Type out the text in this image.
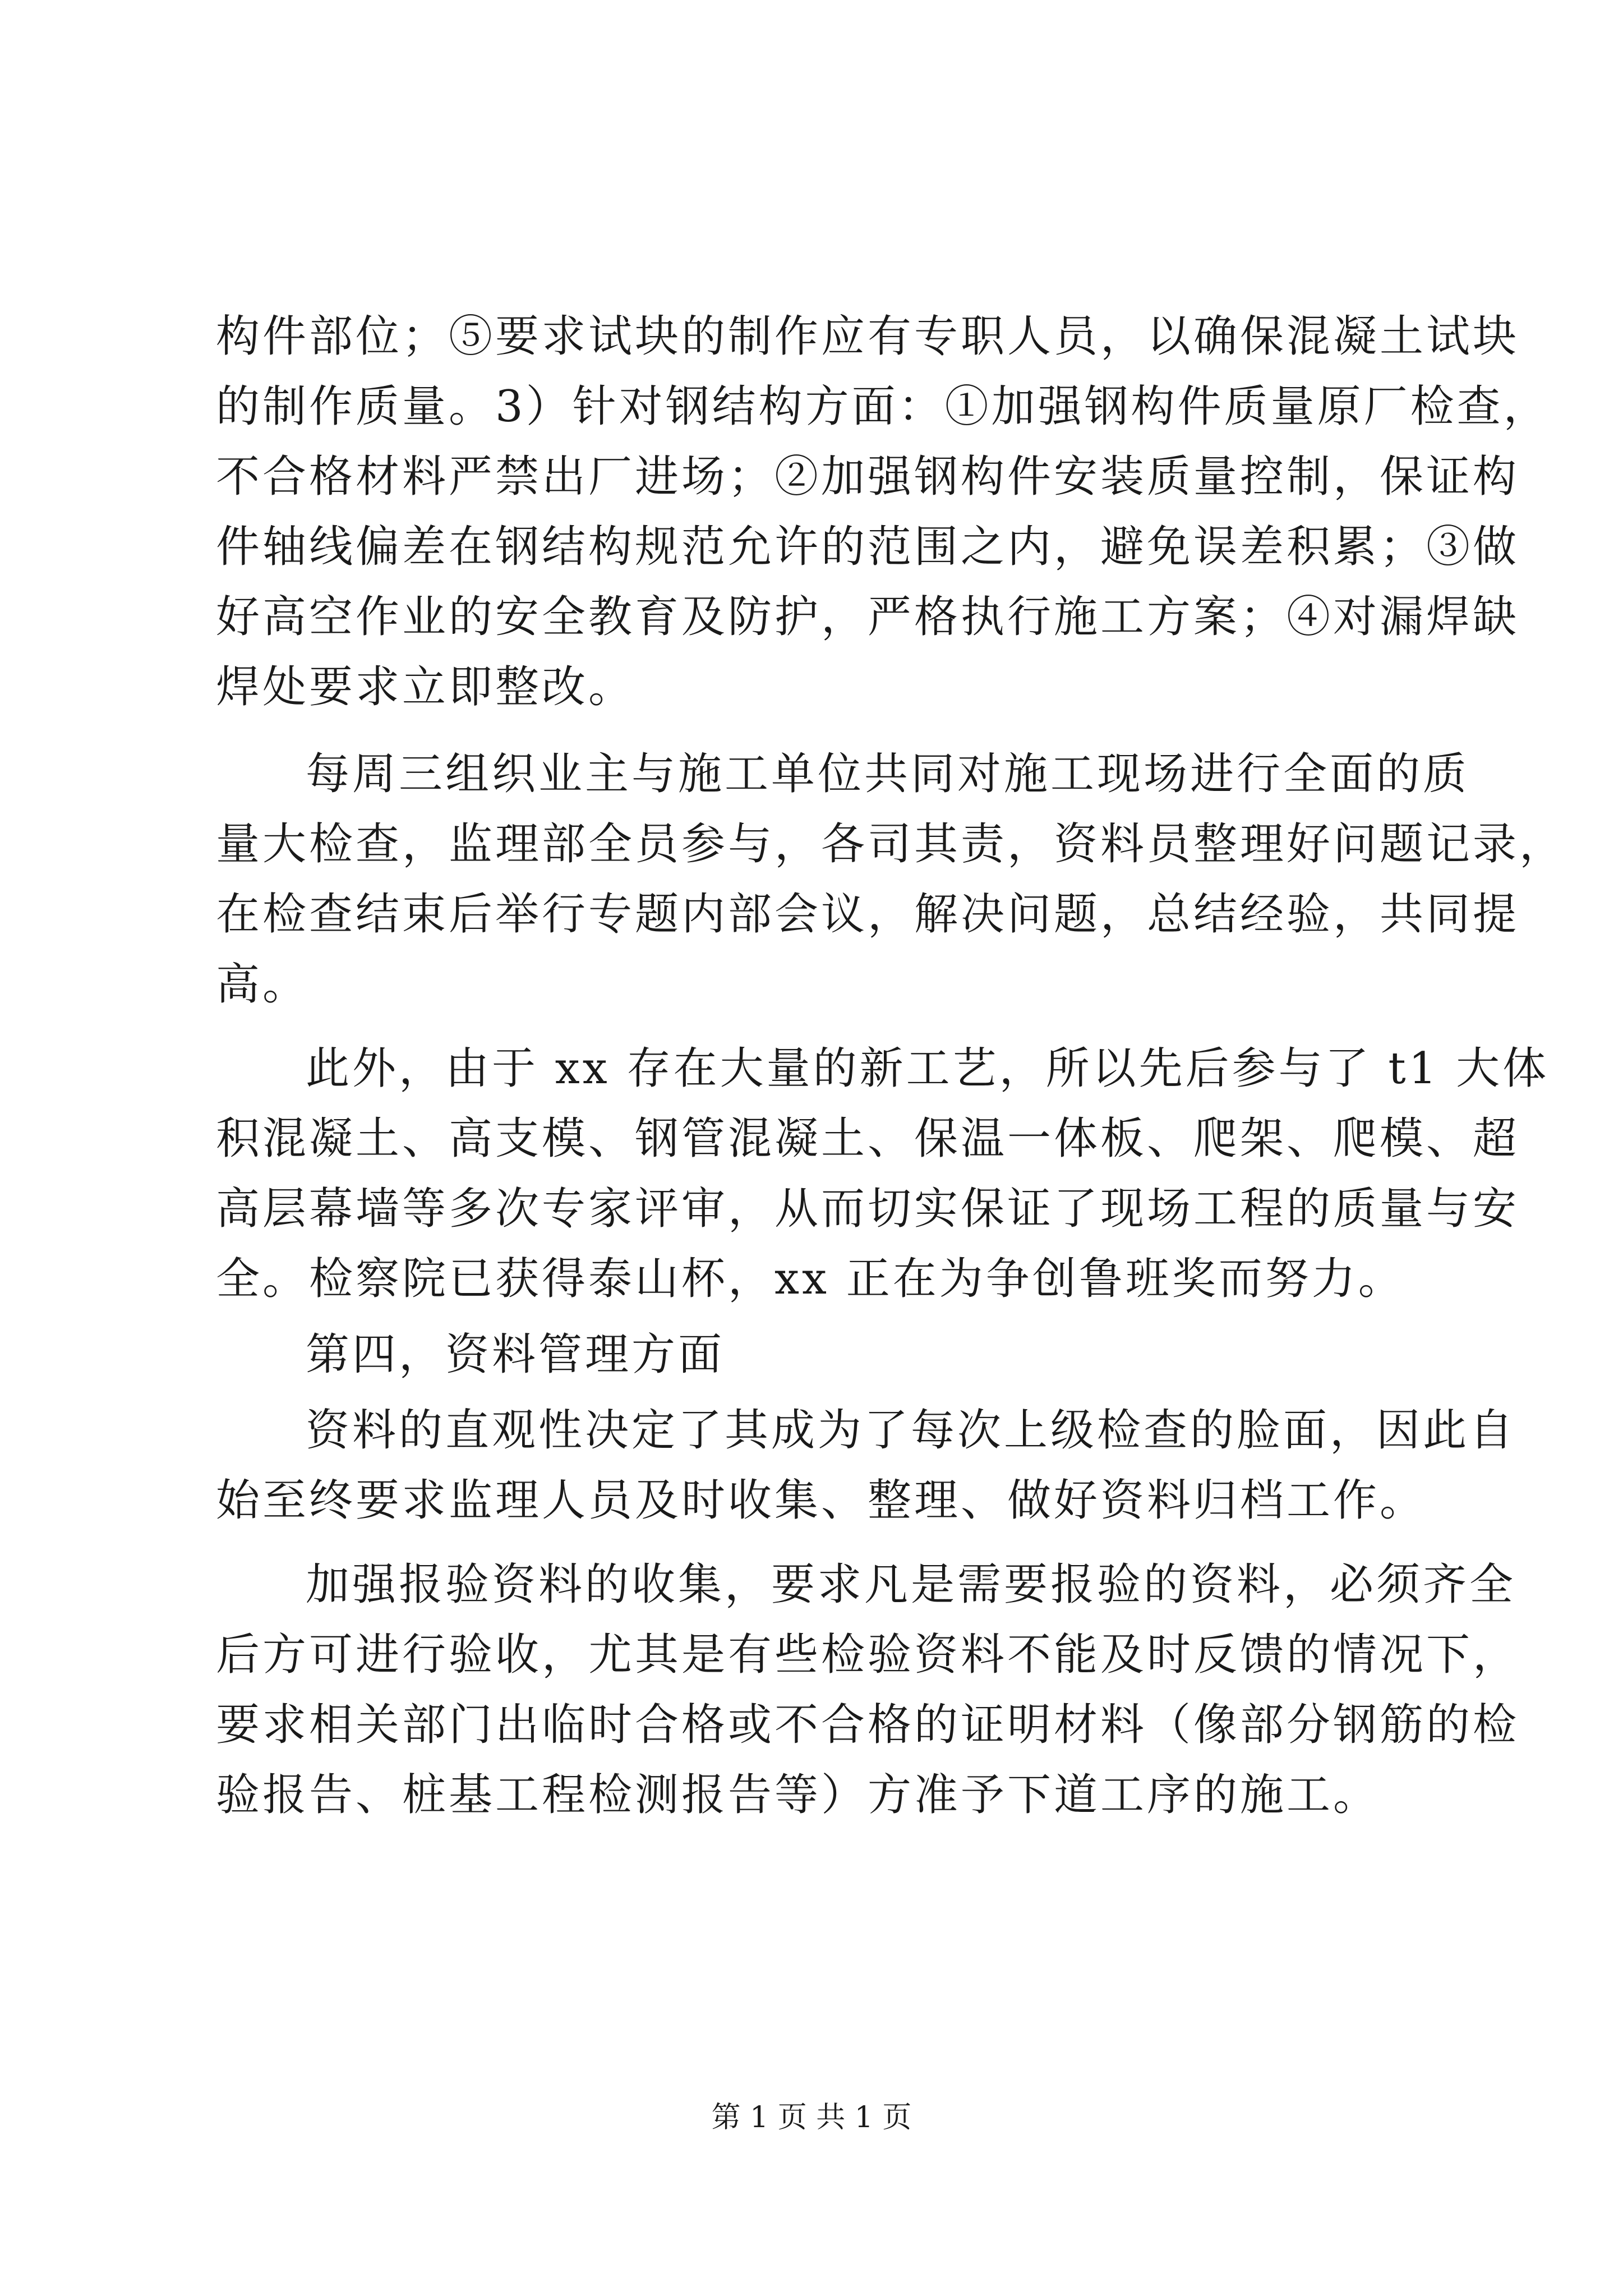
构件部位；⑤要求试块的制作应有专职人员，以确保混凝土试块
的制作质量。3）针对钢结构方面：①加强钢构件质量原厂检查，
不合格材料严禁出厂进场；②加强钢构件安装质量控制，保证构
件轴线偏差在钢结构规范允许的范围之内，避免误差积累；③做
好高空作业的安全教育及防护，严格执行施工方案；④对漏焊缺
焊处要求立即整改。
每周三组织业主与施工单位共同对施工现场进行全面的质
量大检查，监理部全员参与，各司其责，资料员整理好问题记录，
在检查结束后举行专题内部会议，解决问题，总结经验，共同提
高。
此外，由于 xx 存在大量的新工艺，所以先后参与了 t1 大体
积混凝土、高支模、钢管混凝土、保温一体板、爬架、爬模、超
高层幕墙等多次专家评审，从而切实保证了现场工程的质量与安
全。检察院已获得泰山杯，xx 正在为争创鲁班奖而努力。
第四，资料管理方面
资料的直观性决定了其成为了每次上级检查的脸面，因此自
始至终要求监理人员及时收集、整理、做好资料归档工作。
加强报验资料的收集，要求凡是需要报验的资料，必须齐全
后方可进行验收，尤其是有些检验资料不能及时反馈的情况下，
要求相关部门出临时合格或不合格的证明材料（像部分钢筋的检
验报告、桩基工程检测报告等）方准予下道工序的施工。
第 1 页 共 1 页
